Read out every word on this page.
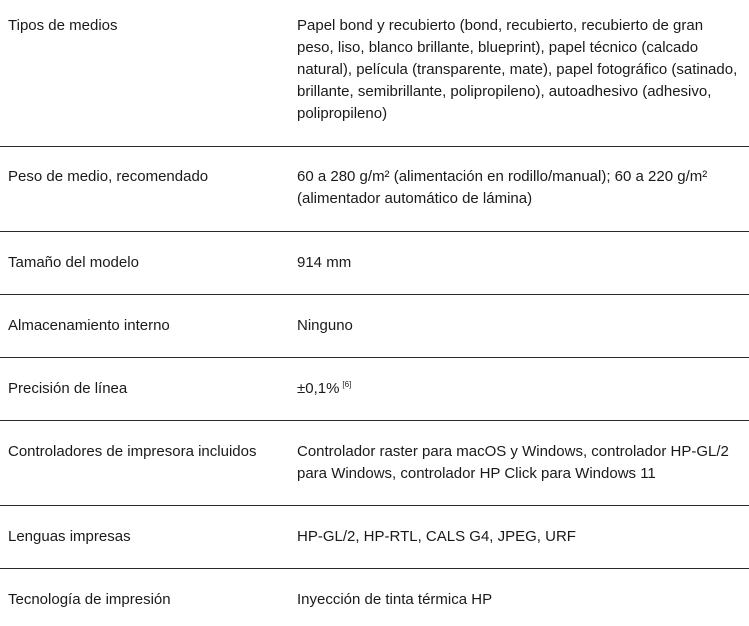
Tipos de medios	Papel bond y recubierto (bond, recubierto, recubierto de gran peso, liso, blanco brillante, blueprint), papel técnico (calcado natural), película (transparente, mate), papel fotográfico (satinado, brillante, semibrillante, polipropileno), autoadhesivo (adhesivo, polipropileno)
Peso de medio, recomendado	60 a 280 g/m² (alimentación en rodillo/manual); 60 a 220 g/m² (alimentador automático de lámina)
Tamaño del modelo	914 mm
Almacenamiento interno	Ninguno
Precisión de línea	±0,1% [6]
Controladores de impresora incluidos	Controlador raster para macOS y Windows, controlador HP-GL/2 para Windows, controlador HP Click para Windows 11
Lenguas impresas	HP-GL/2, HP-RTL, CALS G4, JPEG, URF
Tecnología de impresión	Inyección de tinta térmica HP
